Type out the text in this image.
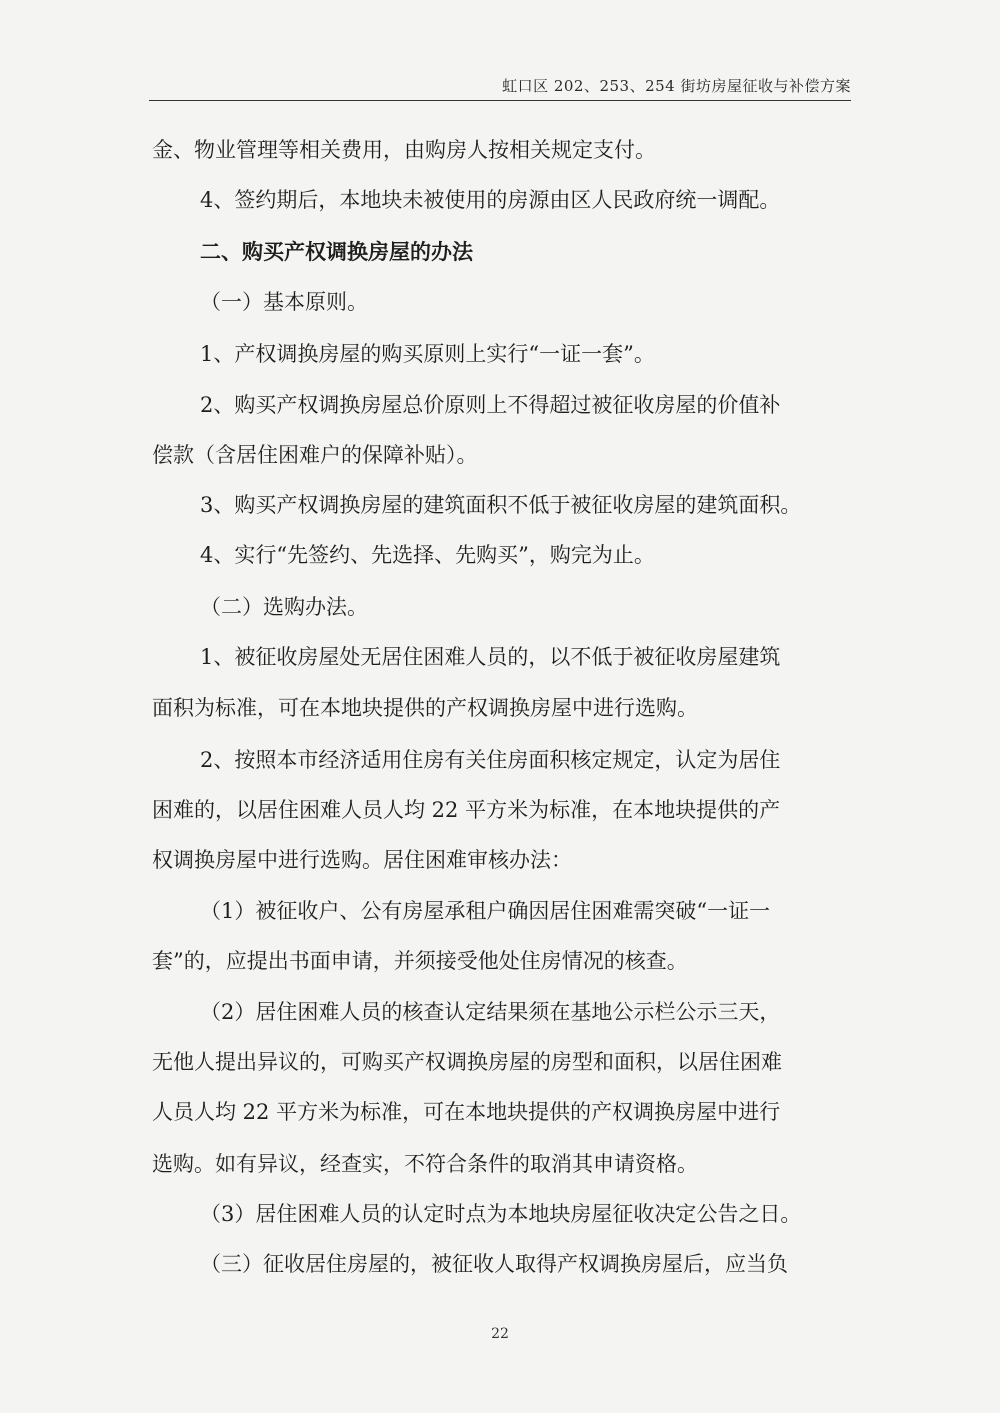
虹口区 202、253、254 街坊房屋征收与补偿方案
金、物业管理等相关费用，由购房人按相关规定支付。
4、签约期后，本地块未被使用的房源由区人民政府统一调配。
二、购买产权调换房屋的办法
（一）基本原则。
1、产权调换房屋的购买原则上实行“一证一套”。
2、购买产权调换房屋总价原则上不得超过被征收房屋的价值补
偿款（含居住困难户的保障补贴）。
3、购买产权调换房屋的建筑面积不低于被征收房屋的建筑面积。
4、实行“先签约、先选择、先购买”，购完为止。
（二）选购办法。
1、被征收房屋处无居住困难人员的，以不低于被征收房屋建筑
面积为标准，可在本地块提供的产权调换房屋中进行选购。
2、按照本市经济适用住房有关住房面积核定规定，认定为居住
困难的，以居住困难人员人均 22 平方米为标准，在本地块提供的产
权调换房屋中进行选购。居住困难审核办法：
（1）被征收户、公有房屋承租户确因居住困难需突破“一证一
套”的，应提出书面申请，并须接受他处住房情况的核查。
（2）居住困难人员的核查认定结果须在基地公示栏公示三天，
无他人提出异议的，可购买产权调换房屋的房型和面积，以居住困难
人员人均 22 平方米为标准，可在本地块提供的产权调换房屋中进行
选购。如有异议，经查实，不符合条件的取消其申请资格。
（3）居住困难人员的认定时点为本地块房屋征收决定公告之日。
（三）征收居住房屋的，被征收人取得产权调换房屋后，应当负
22
